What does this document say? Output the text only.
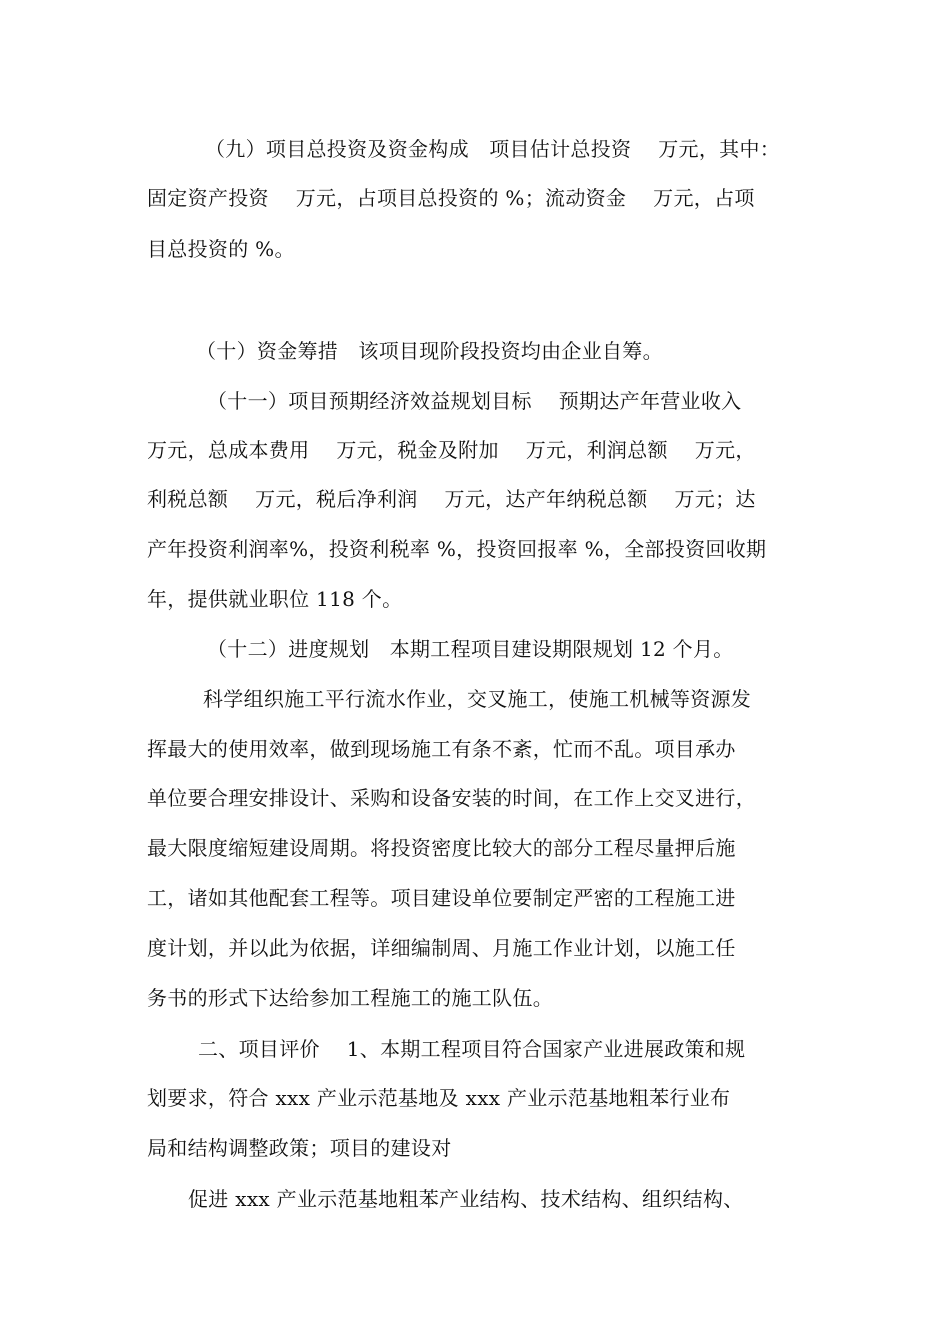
（九）项目总投资及资金构成　项目估计总投资　 万元，其中：
固定资产投资　 万元，占项目总投资的 %；流动资金　 万元，占项
目总投资的 %。
（十）资金筹措　该项目现阶段投资均由企业自筹。
（十一）项目预期经济效益规划目标　 预期达产年营业收入
万元，总成本费用　 万元，税金及附加　 万元，利润总额　 万元，
利税总额　 万元，税后净利润　 万元，达产年纳税总额　 万元；达
产年投资利润率%，投资利税率 %，投资回报率 %，全部投资回收期
年，提供就业职位 118 个。
（十二）进度规划　本期工程项目建设期限规划 12 个月。
科学组织施工平行流水作业，交叉施工，使施工机械等资源发
挥最大的使用效率，做到现场施工有条不紊，忙而不乱。项目承办
单位要合理安排设计、采购和设备安装的时间，在工作上交叉进行，
最大限度缩短建设周期。将投资密度比较大的部分工程尽量押后施
工，诸如其他配套工程等。项目建设单位要制定严密的工程施工进
度计划，并以此为依据，详细编制周、月施工作业计划，以施工任
务书的形式下达给参加工程施工的施工队伍。
二、项目评价　 1、本期工程项目符合国家产业进展政策和规
划要求，符合 xxx 产业示范基地及 xxx 产业示范基地粗苯行业布
局和结构调整政策；项目的建设对
促进 xxx 产业示范基地粗苯产业结构、技术结构、组织结构、
